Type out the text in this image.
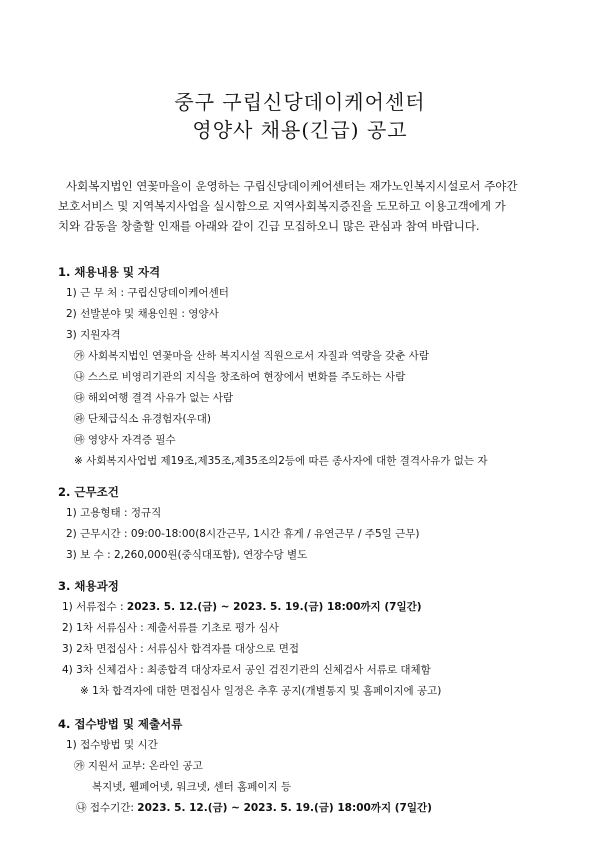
중구 구립신당데이케어센터
영양사 채용(긴급) 공고
사회복지법인 연꽃마을이 운영하는 구립신당데이케어센터는 재가노인복지시설로서 주야간
보호서비스 및 지역복지사업을 실시함으로 지역사회복지증진을 도모하고 이용고객에게 가
치와 감동을 창출할 인재를 아래와 같이 긴급 모집하오니 많은 관심과 참여 바랍니다.
1. 채용내용 및 자격
1) 근 무 처 : 구립신당데이케어센터
2) 선발분야 및 채용인원 : 영양사
3) 지원자격
㉮ 사회복지법인 연꽃마을 산하 복지시설 직원으로서 자질과 역량을 갖춘 사람
㉯ 스스로 비영리기관의 지식을 창조하여 현장에서 변화를 주도하는 사람
㉰ 해외여행 결격 사유가 없는 사람
㉱ 단체급식소 유경험자(우대)
㉲ 영양사 자격증 필수
※ 사회복지사업법 제19조,제35조,제35조의2등에 따른 종사자에 대한 결격사유가 없는 자
2. 근무조건
1) 고용형태 : 정규직
2) 근무시간 : 09:00-18:00(8시간근무, 1시간 휴게 / 유연근무 / 주5일 근무)
3) 보 수 : 2,260,000원(중식대포함), 연장수당 별도
3. 채용과정
1) 서류접수 : 2023. 5. 12.(금) ~ 2023. 5. 19.(금) 18:00까지 (7일간)
2) 1차 서류심사 : 제출서류를 기초로 평가 심사
3) 2차 면접심사 : 서류심사 합격자를 대상으로 면접
4) 3차 신체검사 : 최종합격 대상자로서 공인 검진기관의 신체검사 서류로 대체함
※ 1차 합격자에 대한 면접심사 일정은 추후 공지(개별통지 및 홈페이지에 공고)
4. 접수방법 및 제출서류
1) 접수방법 및 시간
㉮ 지원서 교부: 온라인 공고
복지넷, 웰페어넷, 워크넷, 센터 홈페이지 등
㉯ 접수기간: 2023. 5. 12.(금) ~ 2023. 5. 19.(금) 18:00까지 (7일간)
